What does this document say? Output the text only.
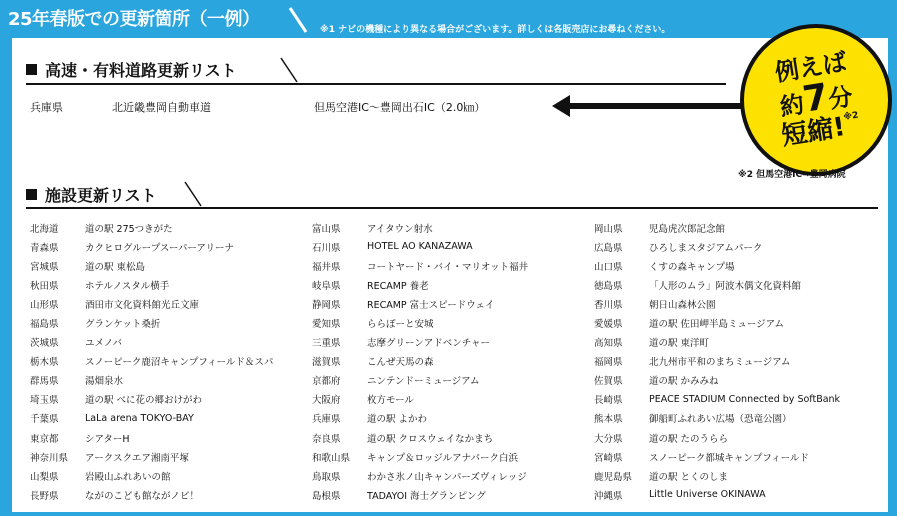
25年春版での更新箇所（一例）	※1 ナビの機種により異なる場合がございます。詳しくは各販売店にお尋ねください。
高速・有料道路更新リスト
兵庫県	北近畿豊岡自動車道	但馬空港IC～豊岡出石IC（2.0㎞）
例えば
約7分
短縮!$^{※2}$
※2 但馬空港IC➡豊岡病院
施設更新リスト
北海道	道の駅 275つきがた
青森県	カクヒログループスーパーアリーナ
宮城県	道の駅 東松島
秋田県	ホテルノスタル横手
山形県	酒田市文化資料館光丘文庫
福島県	グランケット桑折
茨城県	ユメノバ
栃木県	スノーピーク鹿沼キャンプフィールド＆スパ
群馬県	湯畑泉水
埼玉県	道の駅 べに花の郷おけがわ
千葉県	LaLa arena TOKYO-BAY
東京都	シアターH
神奈川県	アークスクエア湘南平塚
山梨県	岩殿山ふれあいの館
長野県	ながのこども館ながノビ！
富山県	アイタウン射水
石川県	HOTEL AO KANAZAWA
福井県	コートヤード・バイ・マリオット福井
岐阜県	RECAMP 養老
静岡県	RECAMP 富士スピードウェイ
愛知県	ららぽーと安城
三重県	志摩グリーンアドベンチャー
滋賀県	こんぜ天馬の森
京都府	ニンテンドーミュージアム
大阪府	枚方モール
兵庫県	道の駅 よかわ
奈良県	道の駅 クロスウェイなかまち
和歌山県	キャンプ＆ロッジルアナパーク白浜
鳥取県	わかさ氷ノ山キャンパーズヴィレッジ
島根県	TADAYOI 海士グランピング
岡山県	児島虎次郎記念館
広島県	ひろしまスタジアムパーク
山口県	くすの森キャンプ場
徳島県	「人形のムラ」阿波木偶文化資料館
香川県	朝日山森林公園
愛媛県	道の駅 佐田岬半島ミュージアム
高知県	道の駅 東洋町
福岡県	北九州市平和のまちミュージアム
佐賀県	道の駅 かみみね
長崎県	PEACE STADIUM Connected by SoftBank
熊本県	御船町ふれあい広場（恐竜公園）
大分県	道の駅 たのうらら
宮崎県	スノーピーク都城キャンプフィールド
鹿児島県	道の駅 とくのしま
沖縄県	Little Universe OKINAWA
